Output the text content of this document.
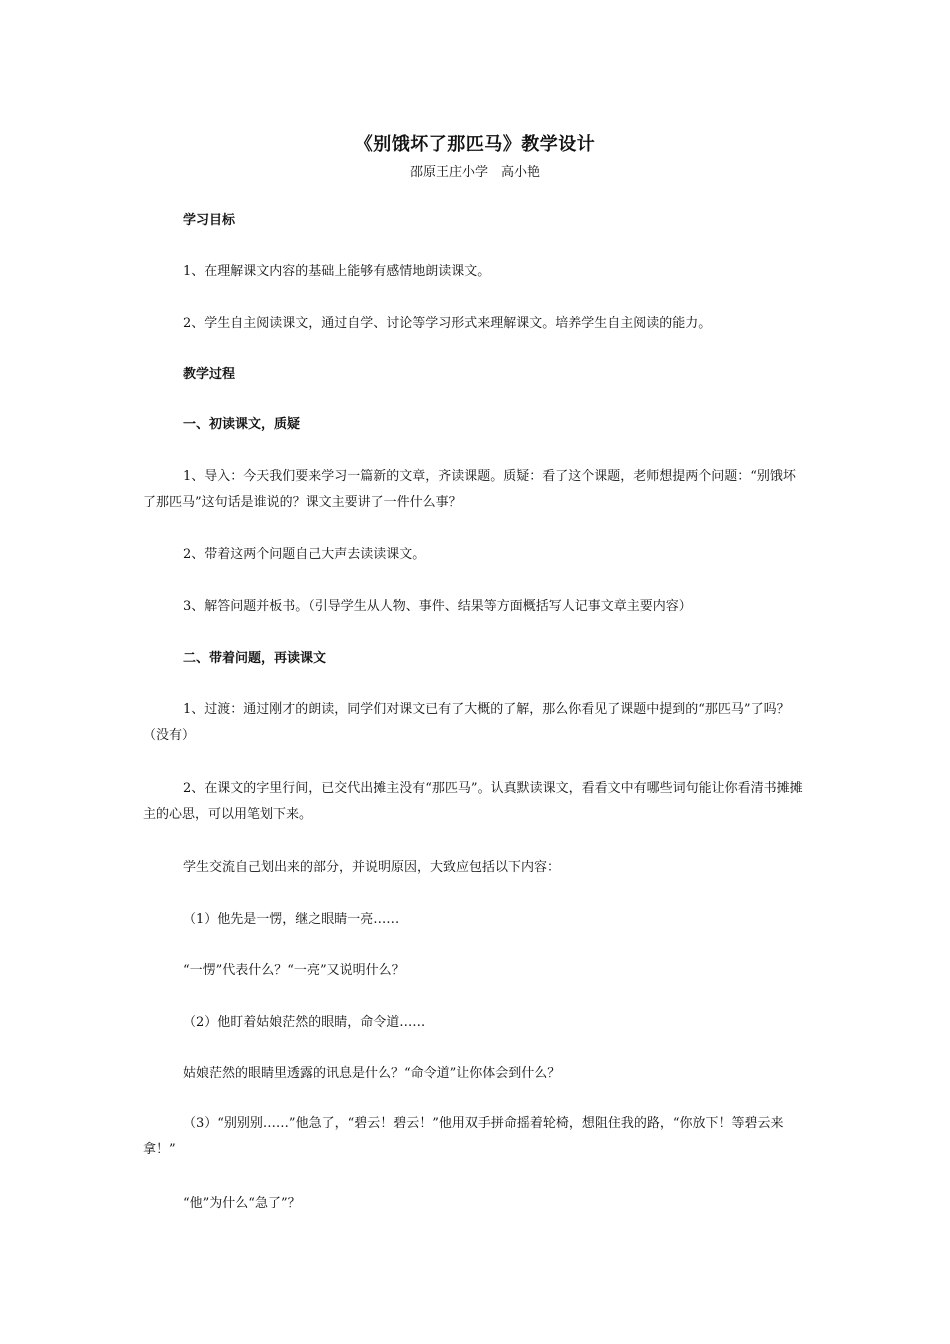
《别饿坏了那匹马》教学设计
邵原王庄小学　高小艳

学习目标

1、在理解课文内容的基础上能够有感情地朗读课文。

2、学生自主阅读课文，通过自学、讨论等学习形式来理解课文。培养学生自主阅读的能力。

教学过程

一、初读课文，质疑

1、导入：今天我们要来学习一篇新的文章，齐读课题。质疑：看了这个课题，老师想提两个问题：“别饿坏了那匹马”这句话是谁说的？课文主要讲了一件什么事？

2、带着这两个问题自己大声去读读课文。

3、解答问题并板书。（引导学生从人物、事件、结果等方面概括写人记事文章主要内容）

二、带着问题，再读课文

1、过渡：通过刚才的朗读，同学们对课文已有了大概的了解，那么你看见了课题中提到的“那匹马”了吗？（没有）

2、在课文的字里行间，已交代出摊主没有“那匹马”。认真默读课文，看看文中有哪些词句能让你看清书摊摊主的心思，可以用笔划下来。

学生交流自己划出来的部分，并说明原因，大致应包括以下内容：

（1）他先是一愣，继之眼睛一亮……

“一愣”代表什么？“一亮”又说明什么？

（2）他盯着姑娘茫然的眼睛，命令道……

姑娘茫然的眼睛里透露的讯息是什么？“命令道”让你体会到什么？

（3）“别别别……”他急了，“碧云！碧云！”他用双手拼命摇着轮椅，想阻住我的路，“你放下！等碧云来拿！”

“他”为什么“急了”？
